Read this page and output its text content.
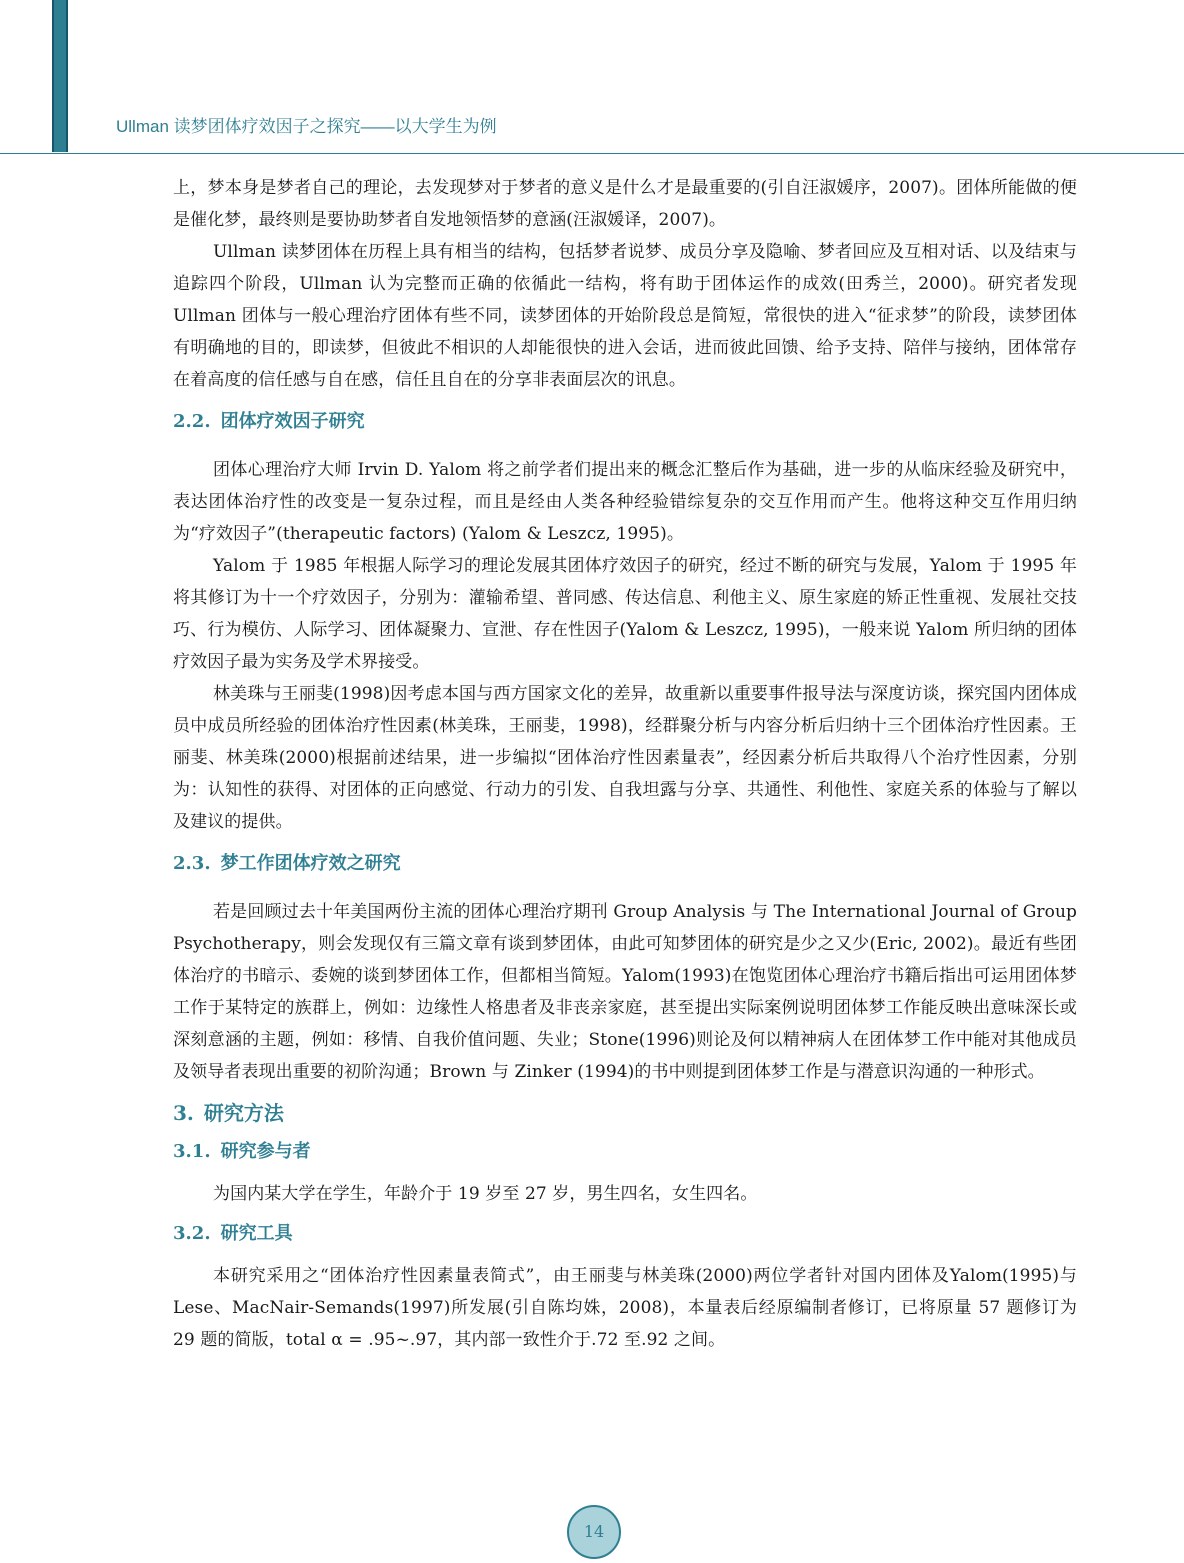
Ullman 读梦团体疗效因子之探究——以大学生为例

上，梦本身是梦者自己的理论，去发现梦对于梦者的意义是什么才是最重要的(引自汪淑媛序，2007)。团体所能做的便是催化梦，最终则是要协助梦者自发地领悟梦的意涵(汪淑媛译，2007)。

Ullman 读梦团体在历程上具有相当的结构，包括梦者说梦、成员分享及隐喻、梦者回应及互相对话、以及结束与追踪四个阶段，Ullman 认为完整而正确的依循此一结构，将有助于团体运作的成效(田秀兰，2000)。研究者发现 Ullman 团体与一般心理治疗团体有些不同，读梦团体的开始阶段总是简短，常很快的进入“征求梦”的阶段，读梦团体有明确地的目的，即读梦，但彼此不相识的人却能很快的进入会话，进而彼此回馈、给予支持、陪伴与接纳，团体常存在着高度的信任感与自在感，信任且自在的分享非表面层次的讯息。

2.2. 团体疗效因子研究

团体心理治疗大师 Irvin D. Yalom 将之前学者们提出来的概念汇整后作为基础，进一步的从临床经验及研究中，表达团体治疗性的改变是一复杂过程，而且是经由人类各种经验错综复杂的交互作用而产生。他将这种交互作用归纳为“疗效因子”(therapeutic factors) (Yalom & Leszcz, 1995)。

Yalom 于 1985 年根据人际学习的理论发展其团体疗效因子的研究，经过不断的研究与发展，Yalom 于 1995 年将其修订为十一个疗效因子，分别为：灌输希望、普同感、传达信息、利他主义、原生家庭的矫正性重视、发展社交技巧、行为模仿、人际学习、团体凝聚力、宣泄、存在性因子(Yalom & Leszcz, 1995)，一般来说 Yalom 所归纳的团体疗效因子最为实务及学术界接受。

林美珠与王丽斐(1998)因考虑本国与西方国家文化的差异，故重新以重要事件报导法与深度访谈，探究国内团体成员中成员所经验的团体治疗性因素(林美珠，王丽斐，1998)，经群聚分析与内容分析后归纳十三个团体治疗性因素。王丽斐、林美珠(2000)根据前述结果，进一步编拟“团体治疗性因素量表”，经因素分析后共取得八个治疗性因素，分别为：认知性的获得、对团体的正向感觉、行动力的引发、自我坦露与分享、共通性、利他性、家庭关系的体验与了解以及建议的提供。

2.3. 梦工作团体疗效之研究

若是回顾过去十年美国两份主流的团体心理治疗期刊 Group Analysis 与 The International Journal of Group Psychotherapy，则会发现仅有三篇文章有谈到梦团体，由此可知梦团体的研究是少之又少(Eric, 2002)。最近有些团体治疗的书暗示、委婉的谈到梦团体工作，但都相当简短。Yalom(1993)在饱览团体心理治疗书籍后指出可运用团体梦工作于某特定的族群上，例如：边缘性人格患者及非丧亲家庭，甚至提出实际案例说明团体梦工作能反映出意味深长或深刻意涵的主题，例如：移情、自我价值问题、失业；Stone(1996)则论及何以精神病人在团体梦工作中能对其他成员及领导者表现出重要的初阶沟通；Brown 与 Zinker (1994)的书中则提到团体梦工作是与潜意识沟通的一种形式。

3. 研究方法
3.1. 研究参与者

为国内某大学在学生，年龄介于 19 岁至 27 岁，男生四名，女生四名。

3.2. 研究工具

本研究采用之“团体治疗性因素量表简式”，由王丽斐与林美珠(2000)两位学者针对国内团体及Yalom(1995)与 Lese、MacNair-Semands(1997)所发展(引自陈均姝，2008)，本量表后经原编制者修订，已将原量 57 题修订为 29 题的简版，total α = .95~.97，其内部一致性介于.72 至.92 之间。

14
